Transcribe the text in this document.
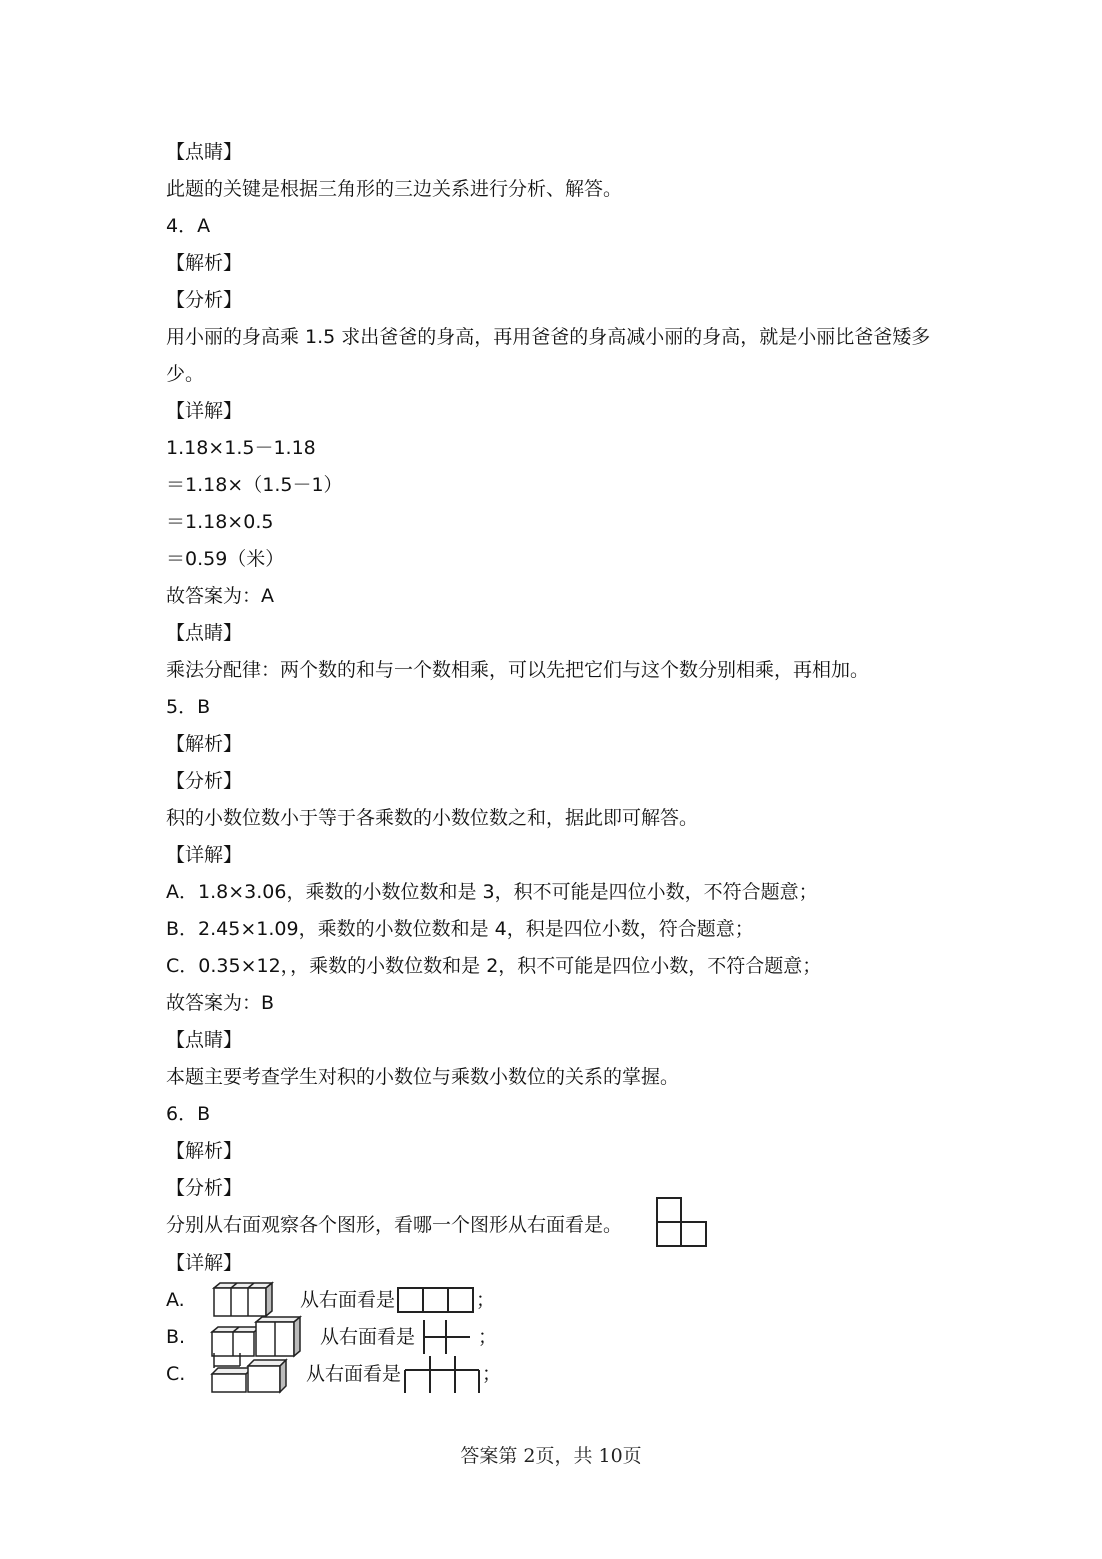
【点睛】
此题的关键是根据三角形的三边关系进行分析、解答。
4．A
【解析】
【分析】
用小丽的身高乘 1.5 求出爸爸的身高，再用爸爸的身高减小丽的身高，就是小丽比爸爸矮多
少。
【详解】
1.18×1.5－1.18
＝1.18×（1.5－1）
＝1.18×0.5
＝0.59（米）
故答案为：A
【点睛】
乘法分配律：两个数的和与一个数相乘，可以先把它们与这个数分别相乘，再相加。
5．B
【解析】
【分析】
积的小数位数小于等于各乘数的小数位数之和，据此即可解答。
【详解】
A．1.8×3.06，乘数的小数位数和是 3，积不可能是四位小数，不符合题意；
B．2.45×1.09，乘数的小数位数和是 4，积是四位小数，符合题意；
C．0.35×12，，乘数的小数位数和是 2，积不可能是四位小数，不符合题意；
故答案为：B
【点睛】
本题主要考查学生对积的小数位与乘数小数位的关系的掌握。
6．B
【解析】
【分析】
分别从右面观察各个图形，看哪一个图形从右面看是。
【详解】
A.	从右面看是	；
B.	从右面看是	；
C.	从右面看是	；
答案第 2页，共 10页
